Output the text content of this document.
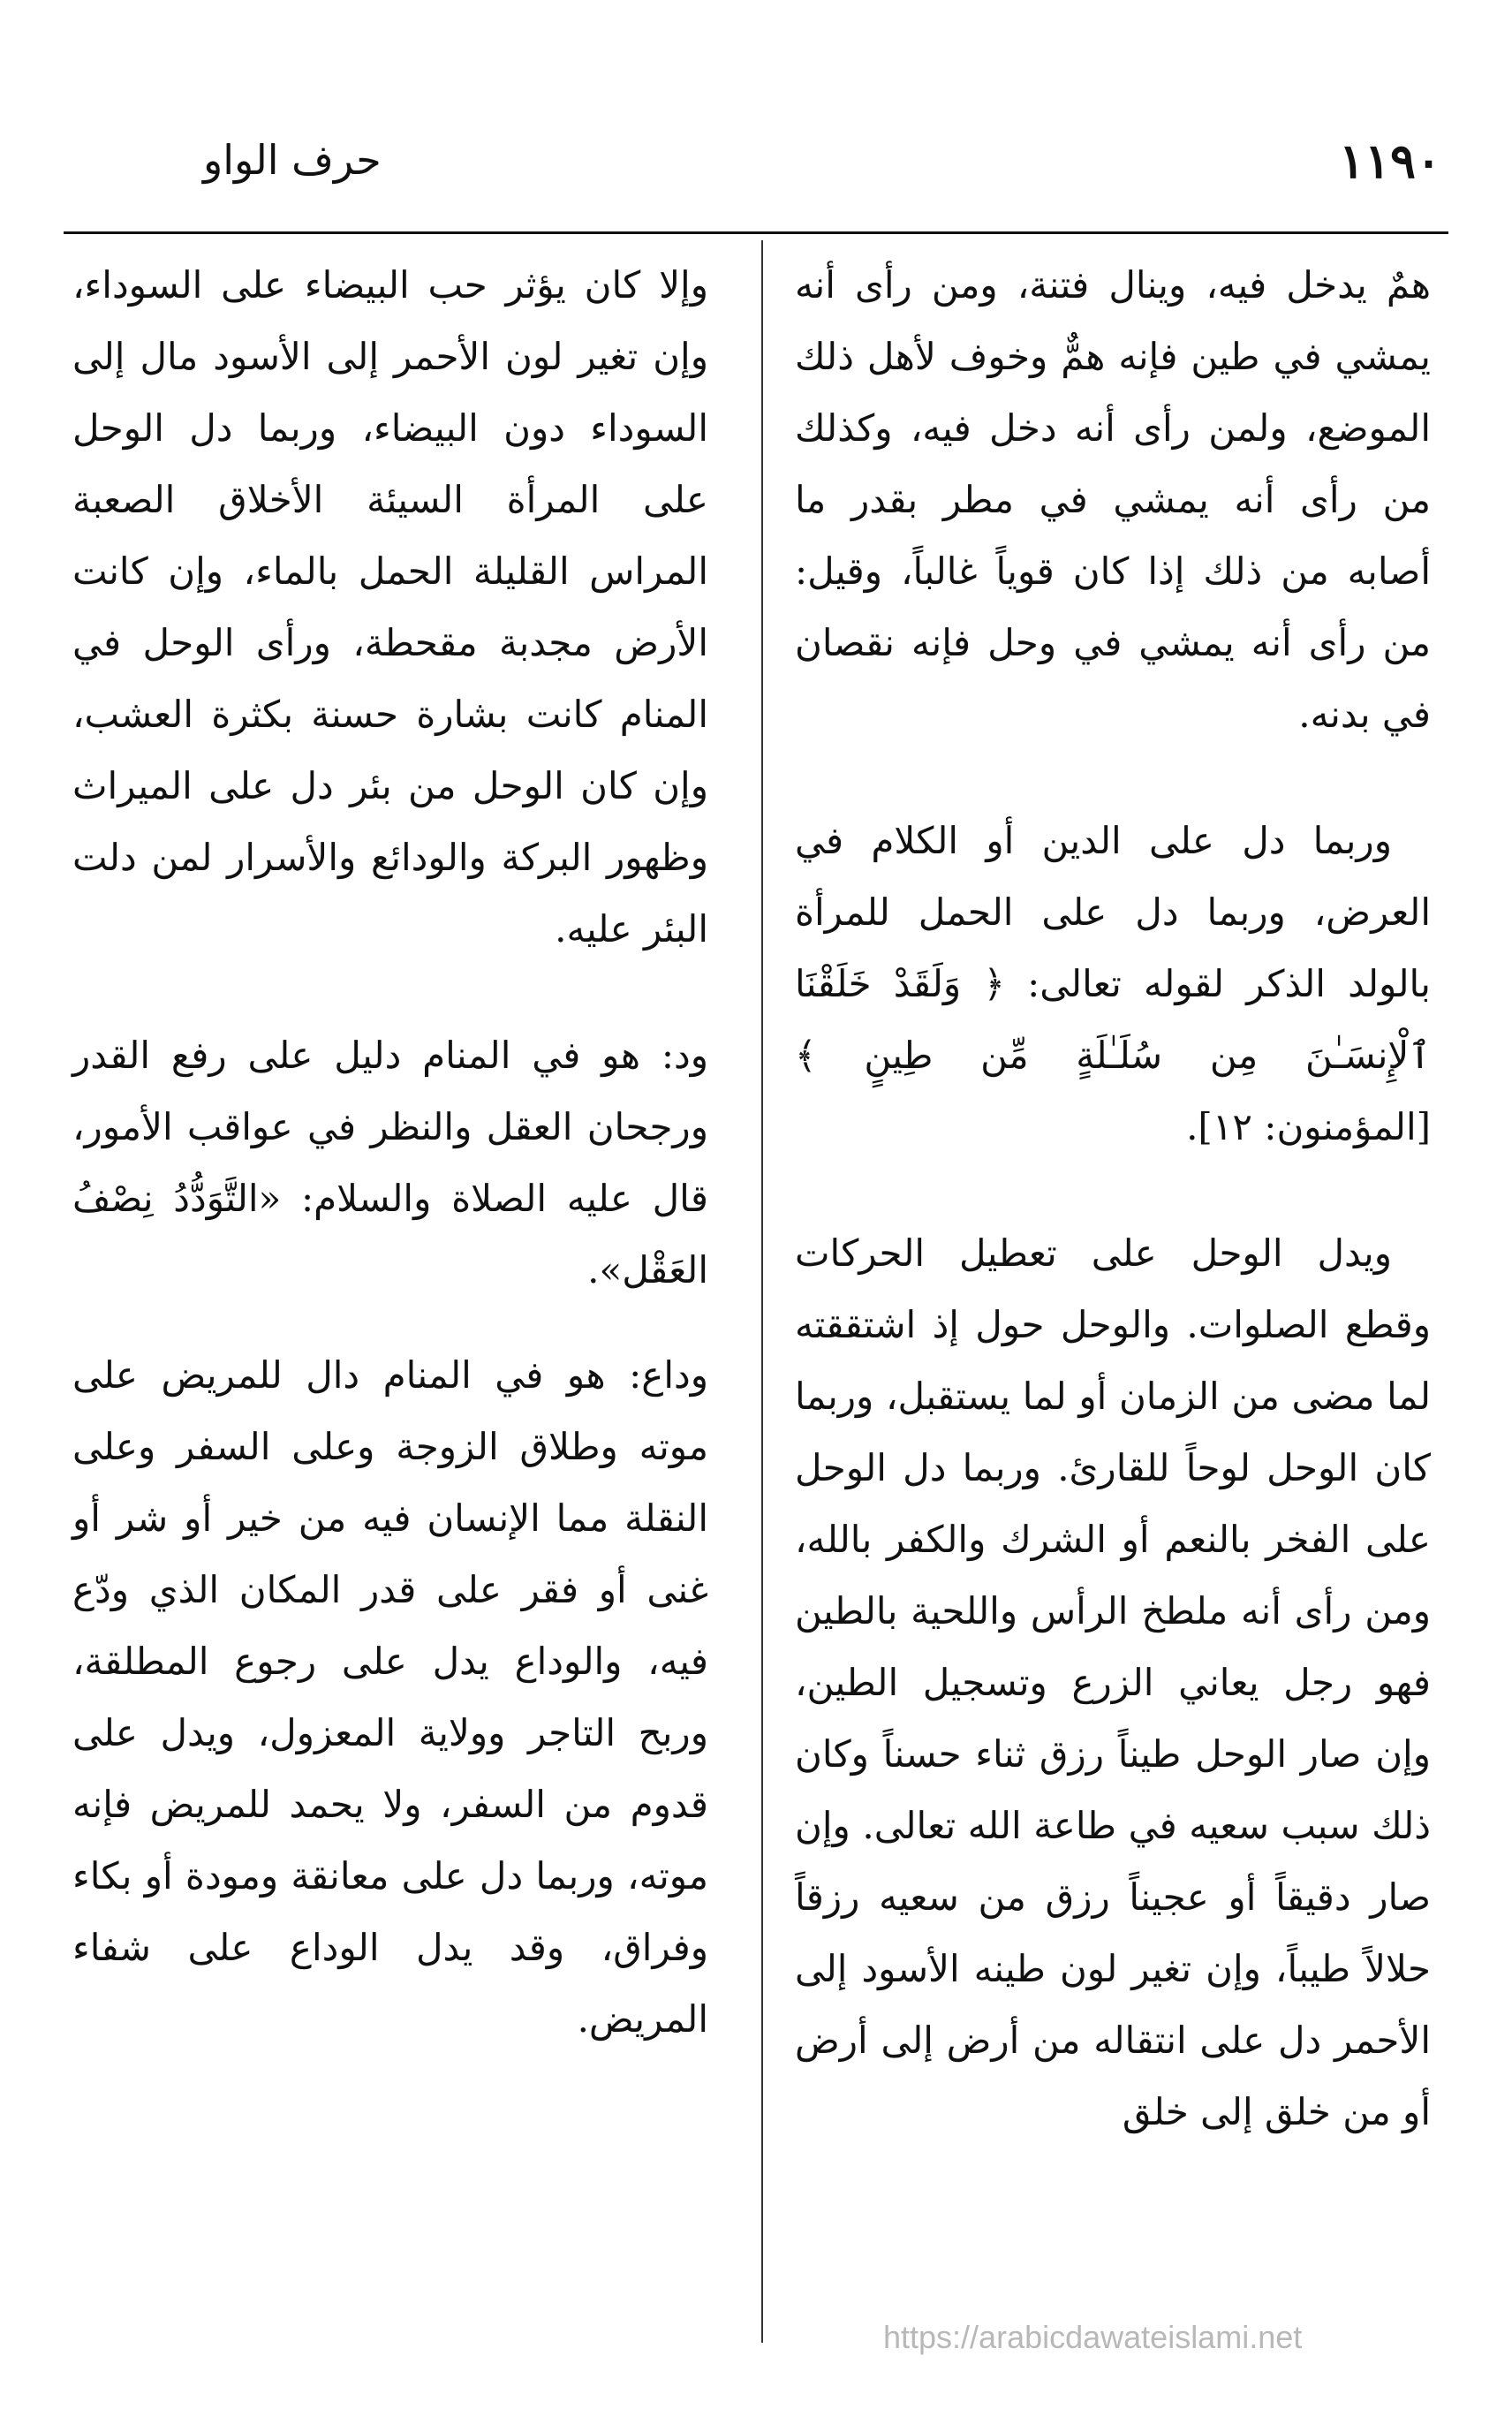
١١٩٠
حرف الواو

همٌ يدخل فيه، وينال فتنة، ومن رأى أنه يمشي في طين فإنه همٌّ وخوف لأهل ذلك الموضع، ولمن رأى أنه دخل فيه، وكذلك من رأى أنه يمشي في مطر بقدر ما أصابه من ذلك إذا كان قوياً غالباً، وقيل: من رأى أنه يمشي في وحل فإنه نقصان في بدنه.

وربما دل على الدين أو الكلام في العرض، وربما دل على الحمل للمرأة بالولد الذكر لقوله تعالى: ﴿ وَلَقَدْ خَلَقْنَا ٱلْإِنسَـٰنَ مِن سُلَـٰلَةٍ مِّن طِينٍ ﴾ [المؤمنون: ١٢].

ويدل الوحل على تعطيل الحركات وقطع الصلوات. والوحل حول إذ اشتققته لما مضى من الزمان أو لما يستقبل، وربما كان الوحل لوحاً للقارئ. وربما دل الوحل على الفخر بالنعم أو الشرك والكفر بالله، ومن رأى أنه ملطخ الرأس واللحية بالطين فهو رجل يعاني الزرع وتسجيل الطين، وإن صار الوحل طيناً رزق ثناء حسناً وكان ذلك سبب سعيه في طاعة الله تعالى. وإن صار دقيقاً أو عجيناً رزق من سعيه رزقاً حلالاً طيباً، وإن تغير لون طينه الأسود إلى الأحمر دل على انتقاله من أرض إلى أرض أو من خلق إلى خلق

وإلا كان يؤثر حب البيضاء على السوداء، وإن تغير لون الأحمر إلى الأسود مال إلى السوداء دون البيضاء، وربما دل الوحل على المرأة السيئة الأخلاق الصعبة المراس القليلة الحمل بالماء، وإن كانت الأرض مجدبة مقحطة، ورأى الوحل في المنام كانت بشارة حسنة بكثرة العشب، وإن كان الوحل من بئر دل على الميراث وظهور البركة والودائع والأسرار لمن دلت البئر عليه.

ود: هو في المنام دليل على رفع القدر ورجحان العقل والنظر في عواقب الأمور، قال عليه الصلاة والسلام: «التَّوَدُّدُ نِصْفُ العَقْل».

وداع: هو في المنام دال للمريض على موته وطلاق الزوجة وعلى السفر وعلى النقلة مما الإنسان فيه من خير أو شر أو غنى أو فقر على قدر المكان الذي ودّع فيه، والوداع يدل على رجوع المطلقة، وربح التاجر وولاية المعزول، ويدل على قدوم من السفر، ولا يحمد للمريض فإنه موته، وربما دل على معانقة ومودة أو بكاء وفراق، وقد يدل الوداع على شفاء المريض.

https://arabicdawateislami.net
